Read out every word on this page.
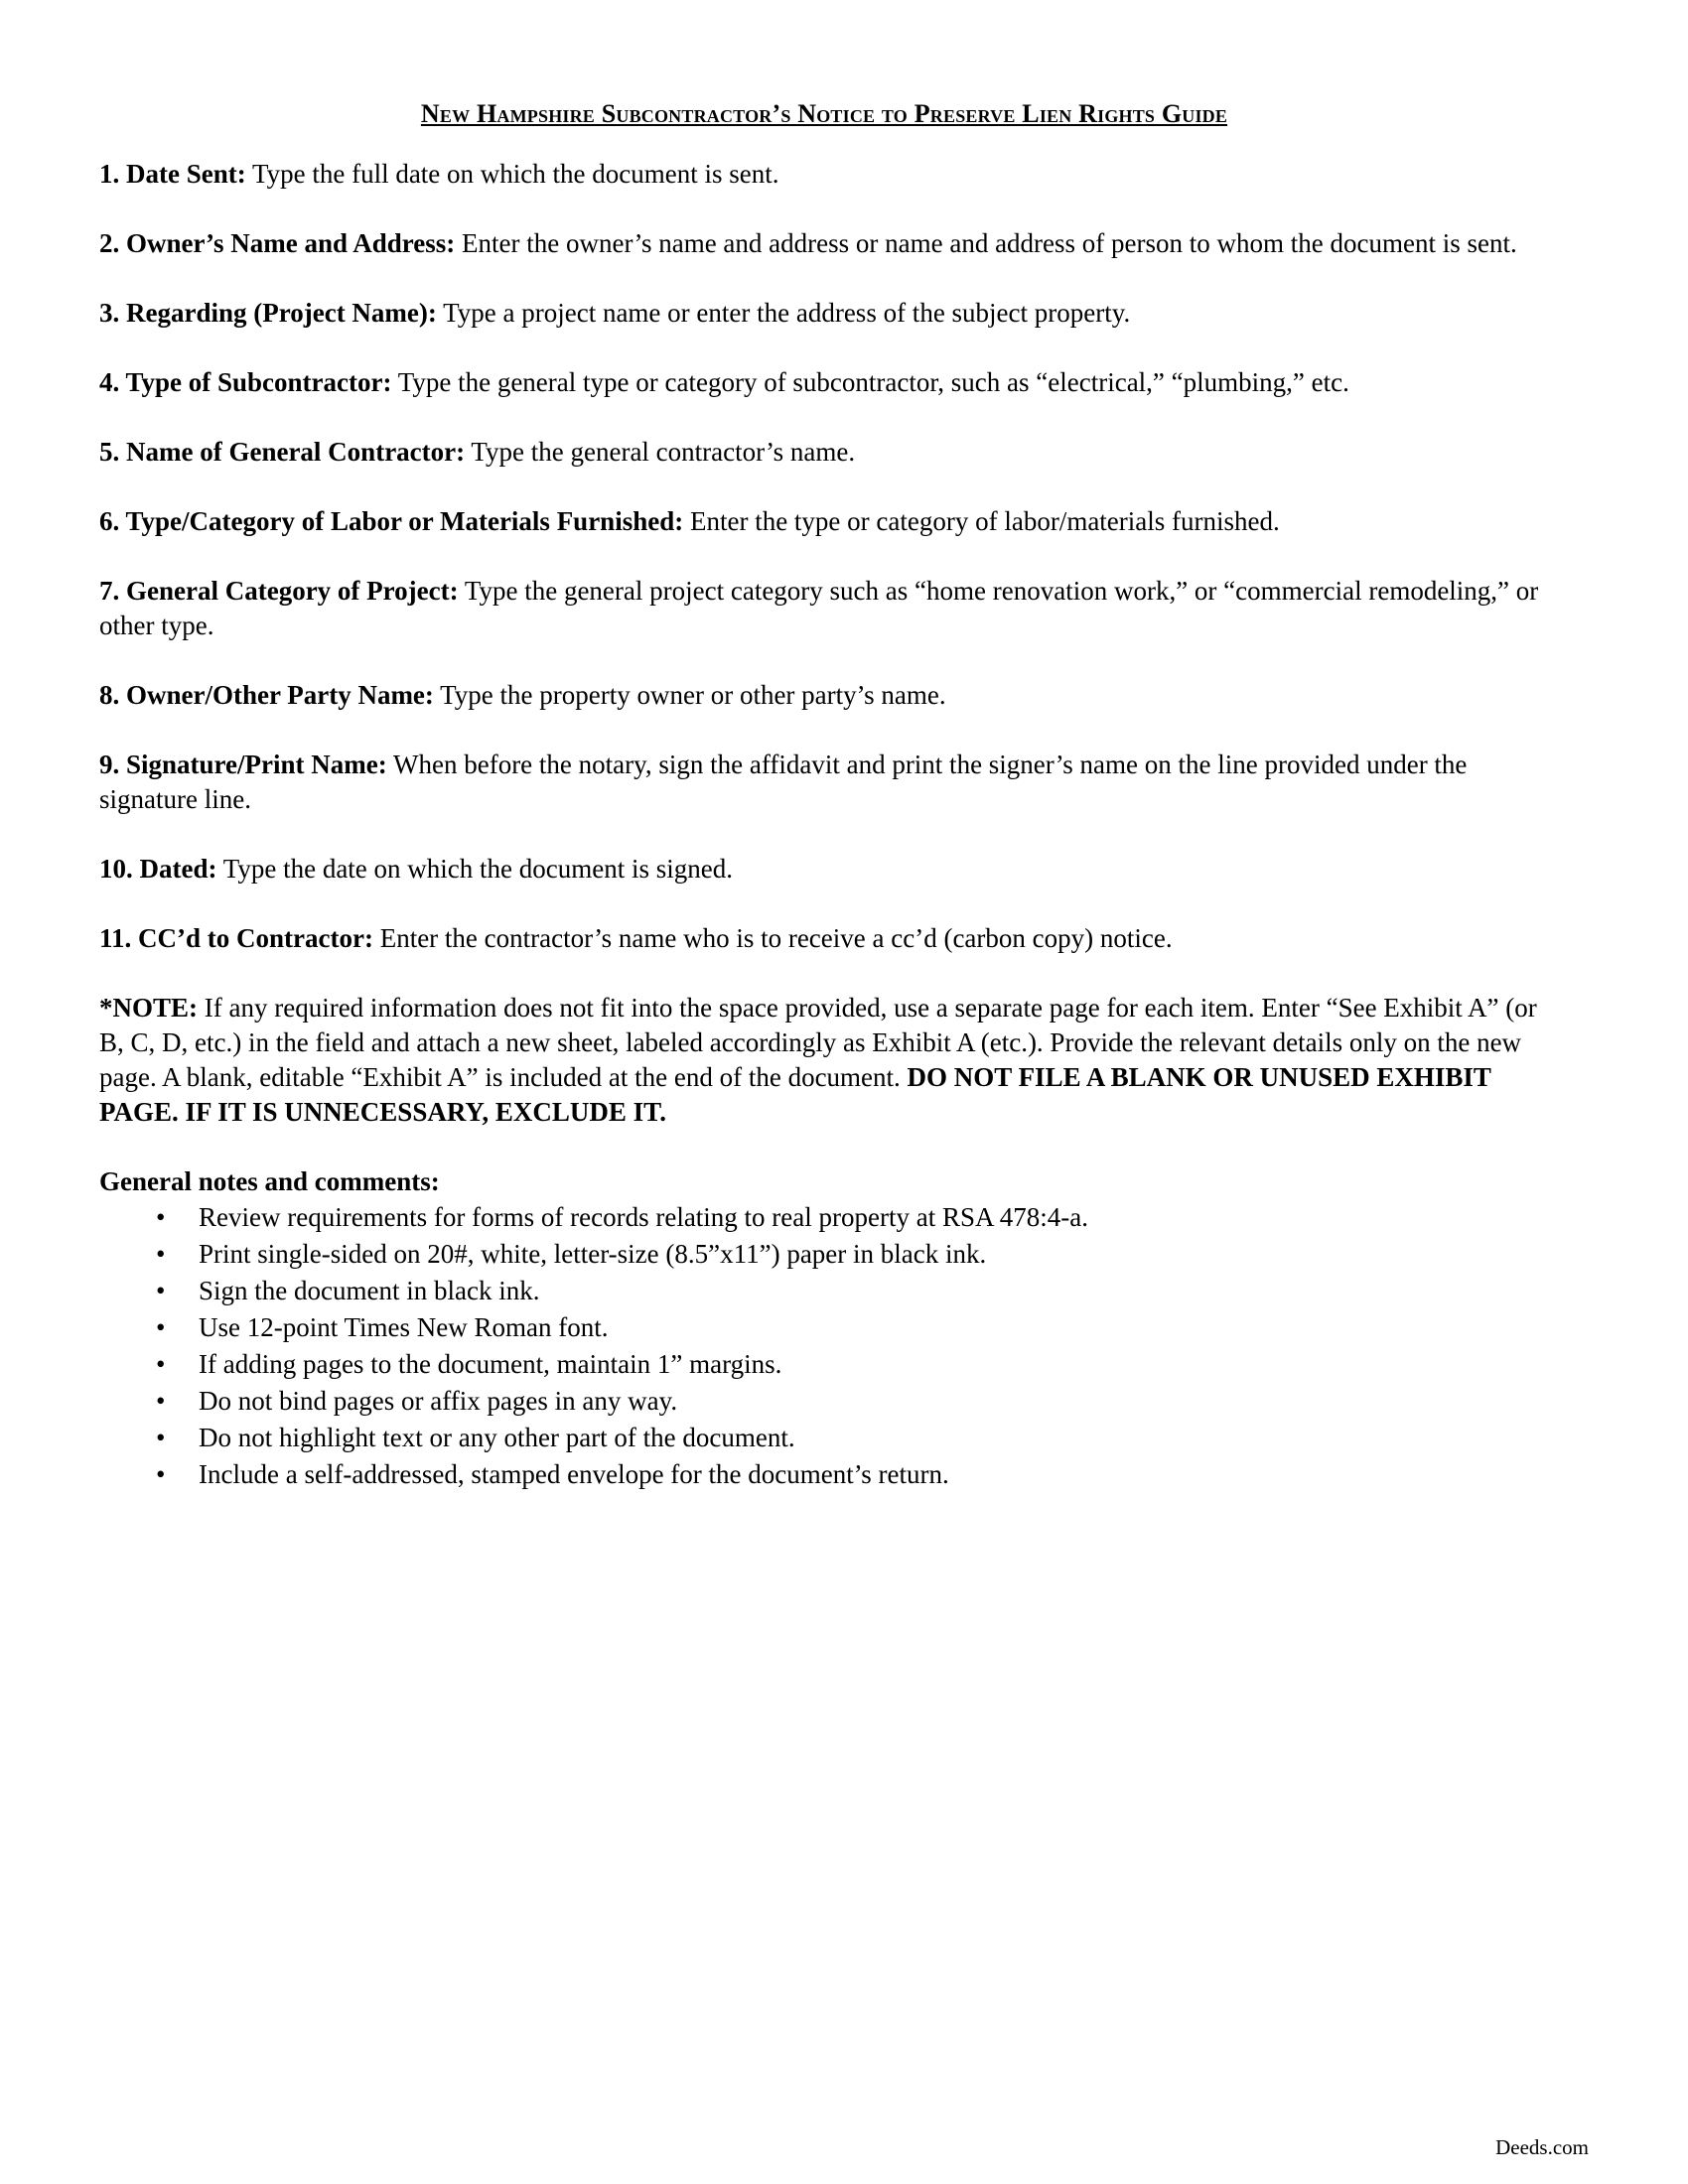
New Hampshire Subcontractor’s Notice to Preserve Lien Rights Guide
1. Date Sent: Type the full date on which the document is sent.
2. Owner’s Name and Address: Enter the owner’s name and address or name and address of person to whom the document is sent.
3. Regarding (Project Name): Type a project name or enter the address of the subject property.
4. Type of Subcontractor: Type the general type or category of subcontractor, such as “electrical,” “plumbing,” etc.
5. Name of General Contractor: Type the general contractor’s name.
6. Type/Category of Labor or Materials Furnished: Enter the type or category of labor/materials furnished.
7. General Category of Project: Type the general project category such as “home renovation work,” or “commercial remodeling,” or other type.
8. Owner/Other Party Name: Type the property owner or other party’s name.
9. Signature/Print Name: When before the notary, sign the affidavit and print the signer’s name on the line provided under the signature line.
10. Dated: Type the date on which the document is signed.
11. CC’d to Contractor: Enter the contractor’s name who is to receive a cc’d (carbon copy) notice.
*NOTE: If any required information does not fit into the space provided, use a separate page for each item. Enter “See Exhibit A” (or B, C, D, etc.) in the field and attach a new sheet, labeled accordingly as Exhibit A (etc.). Provide the relevant details only on the new page. A blank, editable “Exhibit A” is included at the end of the document. DO NOT FILE A BLANK OR UNUSED EXHIBIT PAGE. IF IT IS UNNECESSARY, EXCLUDE IT.
General notes and comments:
• Review requirements for forms of records relating to real property at RSA 478:4-a.
• Print single-sided on 20#, white, letter-size (8.5”x11”) paper in black ink.
• Sign the document in black ink.
• Use 12-point Times New Roman font.
• If adding pages to the document, maintain 1” margins.
• Do not bind pages or affix pages in any way.
• Do not highlight text or any other part of the document.
• Include a self-addressed, stamped envelope for the document’s return.
Deeds.com
